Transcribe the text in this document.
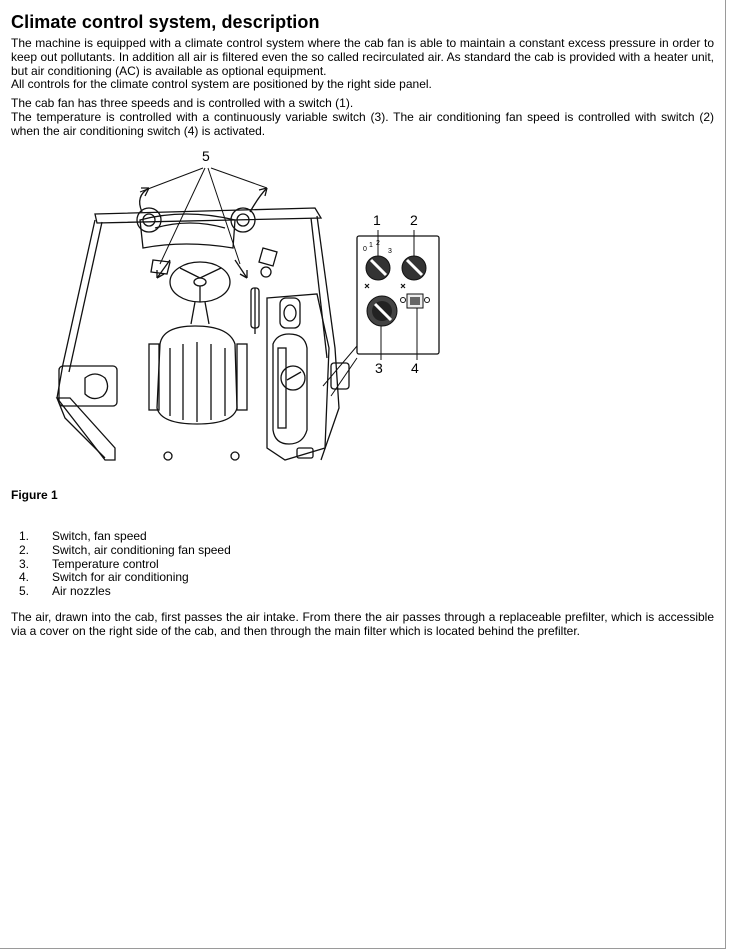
Climate control system, description
The machine is equipped with a climate control system where the cab fan is able to maintain a constant excess pressure in order to keep out pollutants. In addition all air is filtered even the so called recirculated air. As standard the cab is provided with a heater unit, but air conditioning (AC) is available as optional equipment.
All controls for the climate control system are positioned by the right side panel.
The cab fan has three speeds and is controlled with a switch (1).
The temperature is controlled with a continuously variable switch (3). The air conditioning fan speed is controlled with switch (2) when the air conditioning switch (4) is activated.
5
1 2
3 4
0
1 2
3

Figure 1

1.	Switch, fan speed
2.	Switch, air conditioning fan speed
3.	Temperature control
4.	Switch for air conditioning
5.	Air nozzles

The air, drawn into the cab, first passes the air intake. From there the air passes through a replaceable prefilter, which is accessible via a cover on the right side of the cab, and then through the main filter which is located behind the prefilter.
